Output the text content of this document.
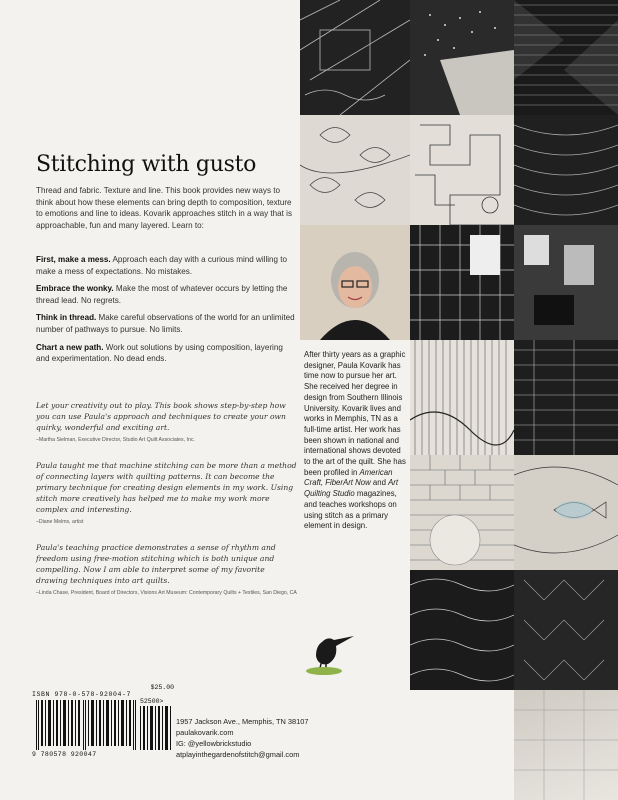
After thirty years as a graphic designer, Paula Kovarik has time now to pursue her art. She received her degree in design from Southern Illinois University. Kovarik lives and works in Memphis, TN as a full-time artist. Her work has been shown in national and international shows devoted to the art of the quilt. She has been profiled in American Craft, FiberArt Now and Art Quilting Studio magazines, and teaches workshops on using stitch as a primary element in design.

Stitching with gusto

Thread and fabric. Texture and line. This book provides new ways to think about how these elements can bring depth to composition, texture to emotions and line to ideas. Kovarik approaches stitch in a way that is approachable, fun and many layered. Learn to:

First, make a mess. Approach each day with a curious mind willing to make a mess of expectations. No mistakes.

Embrace the wonky. Make the most of whatever occurs by letting the thread lead. No regrets.

Think in thread. Make careful observations of the world for an unlimited number of pathways to pursue. No limits.

Chart a new path. Work out solutions by using composition, layering and experimentation. No dead ends.

Let your creativity out to play. This book shows step-by-step how you can use Paula's approach and techniques to create your own quirky, wonderful and exciting art.

–Martha Sielman, Executive Director, Studio Art Quilt Associates, Inc.

Paula taught me that machine stitching can be more than a method of connecting layers with quilting patterns. It can become the primary technique for creating design elements in my work. Using stitch more creatively has helped me to make my work more complex and interesting.

–Diane Melms, artist

Paula's teaching practice demonstrates a sense of rhythm and freedom using free-motion stitching which is both unique and compelling. Now I am able to interpret some of my favorite drawing techniques into art quilts.

–Linda Chase, President, Board of Directors, Visions Art Museum: Contemporary Quilts + Textiles, San Diego, CA

$25.00
ISBN 978-0-578-92004-7
52500>
9 780578 920047
1957 Jackson Ave., Memphis, TN 38107
paulakovarik.com
IG: @yellowbrickstudio
atplayinthegardenofstitch@gmail.com
